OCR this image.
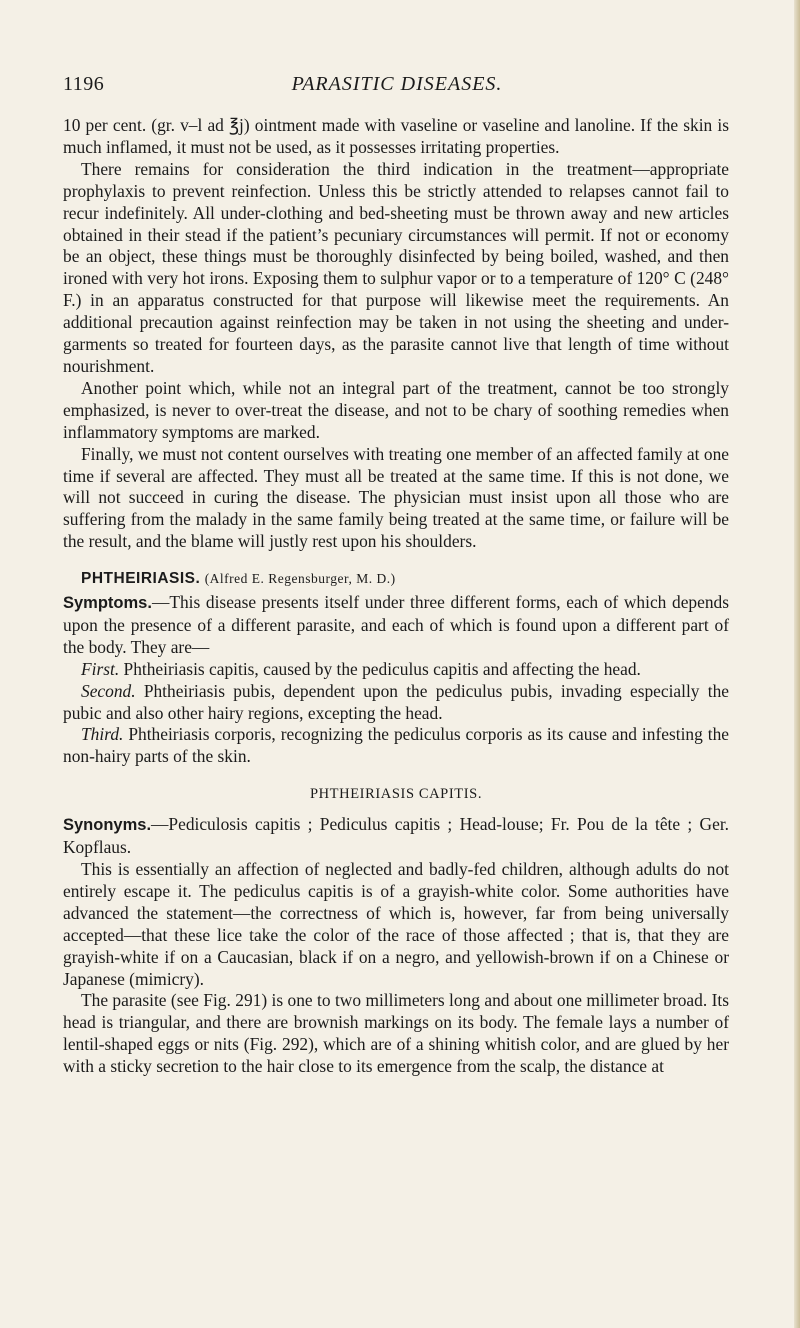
1196	PARASITIC DISEASES.

10 per cent. (gr. v–l ad ℥j) ointment made with vaseline or vaseline and lanoline. If the skin is much inflamed, it must not be used, as it possesses irritating properties.

There remains for consideration the third indication in the treatment—appropriate prophylaxis to prevent reinfection. Unless this be strictly attended to relapses cannot fail to recur indefinitely. All under-clothing and bed-sheeting must be thrown away and new articles obtained in their stead if the patient’s pecuniary circumstances will permit. If not or economy be an object, these things must be thoroughly disinfected by being boiled, washed, and then ironed with very hot irons. Exposing them to sulphur vapor or to a temperature of 120° C (248° F.) in an apparatus constructed for that purpose will likewise meet the requirements. An additional precaution against reinfection may be taken in not using the sheeting and under-garments so treated for fourteen days, as the parasite cannot live that length of time without nourishment.

Another point which, while not an integral part of the treatment, cannot be too strongly emphasized, is never to over-treat the disease, and not to be chary of soothing remedies when inflammatory symptoms are marked.

Finally, we must not content ourselves with treating one member of an affected family at one time if several are affected. They must all be treated at the same time. If this is not done, we will not succeed in curing the disease. The physician must insist upon all those who are suffering from the malady in the same family being treated at the same time, or failure will be the result, and the blame will justly rest upon his shoulders.

PHTHEIRIASIS. (Alfred E. Regensburger, M. D.)

Symptoms.—This disease presents itself under three different forms, each of which depends upon the presence of a different parasite, and each of which is found upon a different part of the body. They are—

First. Phtheiriasis capitis, caused by the pediculus capitis and affecting the head.

Second. Phtheiriasis pubis, dependent upon the pediculus pubis, invading especially the pubic and also other hairy regions, excepting the head.

Third. Phtheiriasis corporis, recognizing the pediculus corporis as its cause and infesting the non-hairy parts of the skin.

PHTHEIRIASIS CAPITIS.

Synonyms.—Pediculosis capitis ; Pediculus capitis ; Head-louse; Fr. Pou de la tête ; Ger. Kopflaus.

This is essentially an affection of neglected and badly-fed children, although adults do not entirely escape it. The pediculus capitis is of a grayish-white color. Some authorities have advanced the statement—the correctness of which is, however, far from being universally accepted—that these lice take the color of the race of those affected ; that is, that they are grayish-white if on a Caucasian, black if on a negro, and yellowish-brown if on a Chinese or Japanese (mimicry).

The parasite (see Fig. 291) is one to two millimeters long and about one millimeter broad. Its head is triangular, and there are brownish markings on its body. The female lays a number of lentil-shaped eggs or nits (Fig. 292), which are of a shining whitish color, and are glued by her with a sticky secretion to the hair close to its emergence from the scalp, the distance at
